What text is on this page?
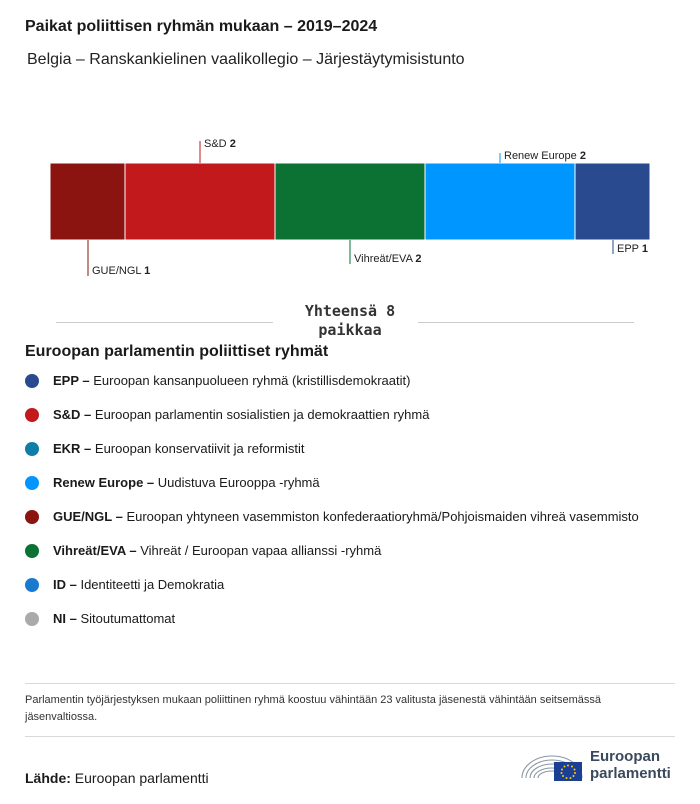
Paikat poliittisen ryhmän mukaan – 2019–2024
Belgia – Ranskankielinen vaalikollegio – Järjestäytymisistunto
GUE/NGL 1
S&D 2
Vihreät/EVA 2
Renew Europe 2
EPP 1
Yhteensä 8 paikkaa
Euroopan parlamentin poliittiset ryhmät
EPP – Euroopan kansanpuolueen ryhmä (kristillisdemokraatit)
S&D – Euroopan parlamentin sosialistien ja demokraattien ryhmä
EKR – Euroopan konservatiivit ja reformistit
Renew Europe – Uudistuva Eurooppa -ryhmä
GUE/NGL – Euroopan yhtyneen vasemmiston konfederaatioryhmä/Pohjoismaiden vihreä vasemmisto
Vihreät/EVA – Vihreät / Euroopan vapaa allianssi -ryhmä
ID – Identiteetti ja Demokratia
NI – Sitoutumattomat
Parlamentin työjärjestyksen mukaan poliittinen ryhmä koostuu vähintään 23 valitusta jäsenestä vähintään seitsemässä jäsenvaltiossa.
Lähde: Euroopan parlamentti
Euroopan
parlamentti
